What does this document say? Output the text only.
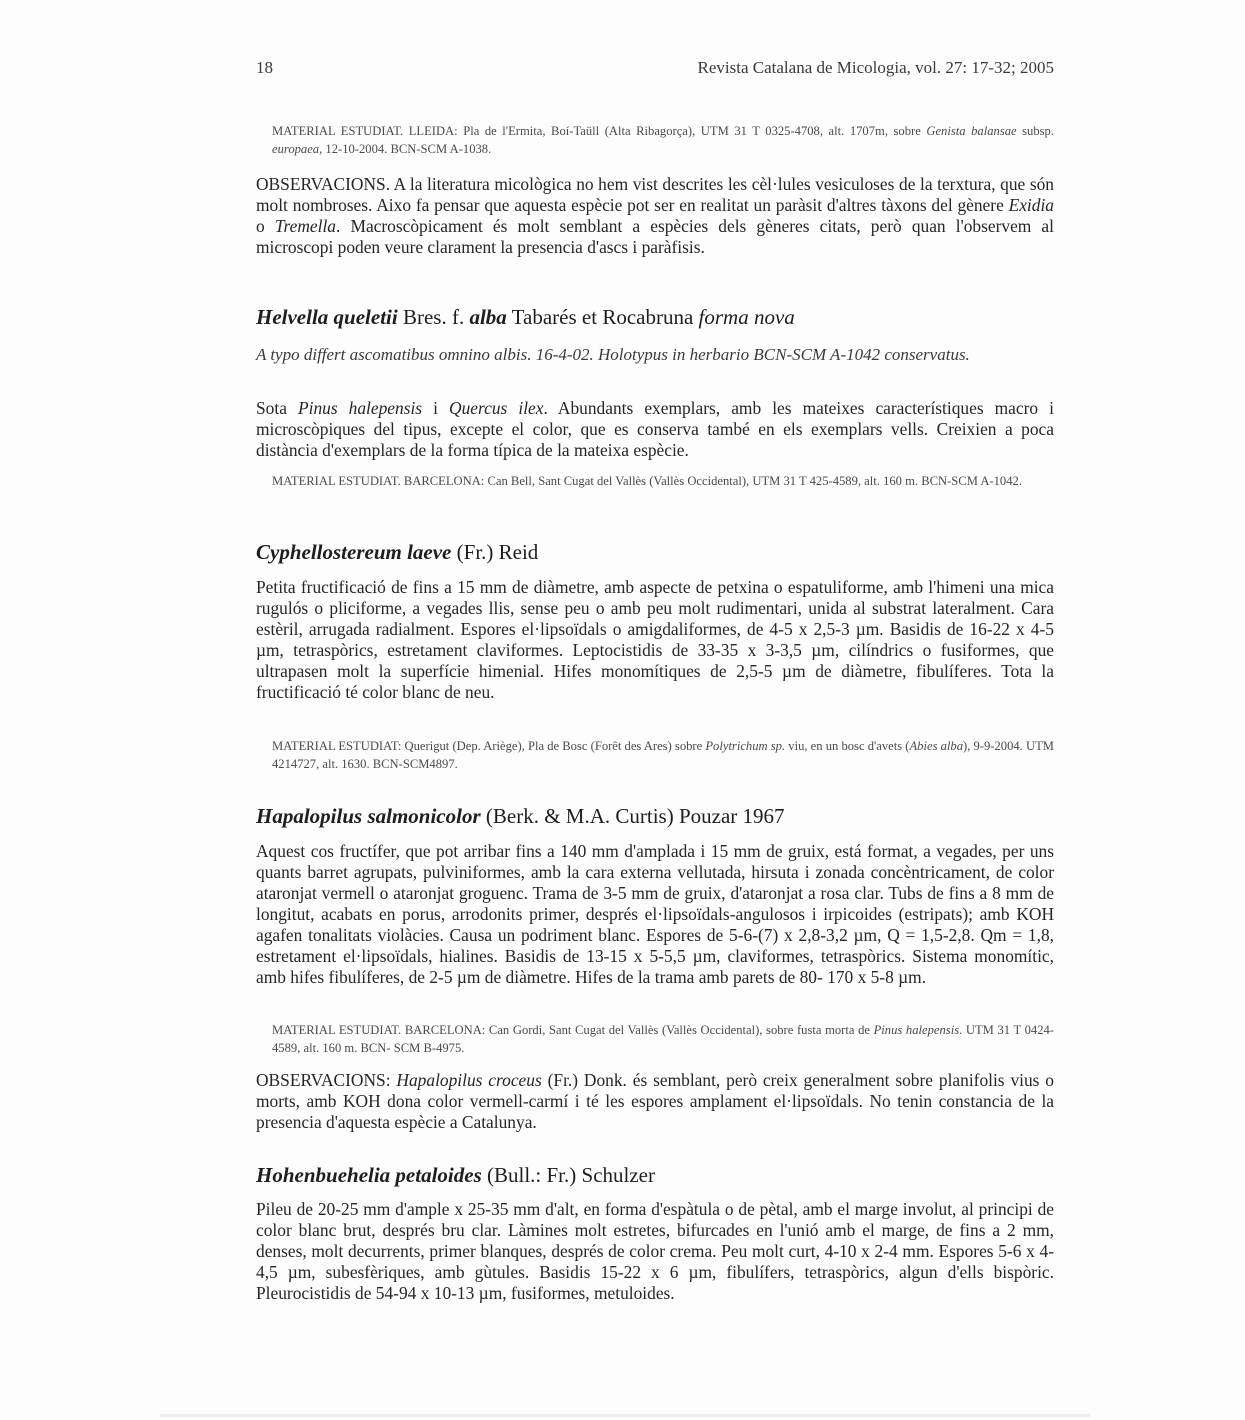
18	Revista Catalana de Micologia, vol. 27: 17-32; 2005
MATERIAL ESTUDIAT. LLEIDA: Pla de l'Ermita, Boí-Taüll (Alta Ribagorça), UTM 31 T 0325-4708, alt. 1707m, sobre Genista balansae subsp. europaea, 12-10-2004. BCN-SCM A-1038.
OBSERVACIONS. A la literatura micològica no hem vist descrites les cèl·lules vesiculoses de la terxtura, que són molt nombroses. Aixo fa pensar que aquesta espècie pot ser en realitat un paràsit d'altres tàxons del gènere Exidia o Tremella. Macroscòpicament és molt semblant a espècies dels gèneres citats, però quan l'observem al microscopi poden veure clarament la presencia d'ascs i paràfisis.
Helvella queletii Bres. f. alba Tabarés et Rocabruna forma nova
A typo differt ascomatibus omnino albis. 16-4-02. Holotypus in herbario BCN-SCM A-1042 conservatus.
Sota Pinus halepensis i Quercus ilex. Abundants exemplars, amb les mateixes característiques macro i microscòpiques del tipus, excepte el color, que es conserva també en els exemplars vells. Creixien a poca distància d'exemplars de la forma típica de la mateixa espècie.
MATERIAL ESTUDIAT. BARCELONA: Can Bell, Sant Cugat del Vallès (Vallès Occidental), UTM 31 T 425-4589, alt. 160 m. BCN-SCM A-1042.
Cyphellostereum laeve (Fr.) Reid
Petita fructificació de fins a 15 mm de diàmetre, amb aspecte de petxina o espatuliforme, amb l'himeni una mica rugulós o pliciforme, a vegades llis, sense peu o amb peu molt rudimentari, unida al substrat lateralment. Cara estèril, arrugada radialment. Espores el·lipsoïdals o amigdaliformes, de 4-5 x 2,5-3 µm. Basidis de 16-22 x 4-5 µm, tetraspòrics, estretament claviformes. Leptocistidis de 33-35 x 3-3,5 µm, cilíndrics o fusiformes, que ultrapasen molt la superfície himenial. Hifes monomítiques de 2,5-5 µm de diàmetre, fibulíferes. Tota la fructificació té color blanc de neu.
MATERIAL ESTUDIAT: Querigut (Dep. Ariège), Pla de Bosc (Forêt des Ares) sobre Polytrichum sp. viu, en un bosc d'avets (Abies alba), 9-9-2004. UTM 4214727, alt. 1630. BCN-SCM4897.
Hapalopilus salmonicolor (Berk. & M.A. Curtis) Pouzar 1967
Aquest cos fructífer, que pot arribar fins a 140 mm d'amplada i 15 mm de gruix, está format, a vegades, per uns quants barret agrupats, pulviniformes, amb la cara externa vellutada, hirsuta i zonada concèntricament, de color ataronjat vermell o ataronjat groguenc. Trama de 3-5 mm de gruix, d'ataronjat a rosa clar. Tubs de fins a 8 mm de longitut, acabats en porus, arrodonits primer, després el·lipsoïdals-angulosos i irpicoides (estripats); amb KOH agafen tonalitats violàcies. Causa un podriment blanc. Espores de 5-6-(7) x 2,8-3,2 µm, Q = 1,5-2,8. Qm = 1,8, estretament el·lipsoïdals, hialines. Basidis de 13-15 x 5-5,5 µm, claviformes, tetraspòrics. Sistema monomític, amb hifes fibulíferes, de 2-5 µm de diàmetre. Hifes de la trama amb parets de 80- 170 x 5-8 µm.
MATERIAL ESTUDIAT. BARCELONA: Can Gordi, Sant Cugat del Vallès (Vallès Occidental), sobre fusta morta de Pinus halepensis. UTM 31 T 0424-4589, alt. 160 m. BCN- SCM B-4975.
OBSERVACIONS: Hapalopilus croceus (Fr.) Donk. és semblant, però creix generalment sobre planifolis vius o morts, amb KOH dona color vermell-carmí i té les espores amplament el·lipsoïdals. No tenin constancia de la presencia d'aquesta espècie a Catalunya.
Hohenbuehelia petaloides (Bull.: Fr.) Schulzer
Pileu de 20-25 mm d'ample x 25-35 mm d'alt, en forma d'espàtula o de pètal, amb el marge involut, al principi de color blanc brut, després bru clar. Làmines molt estretes, bifurcades en l'unió amb el marge, de fins a 2 mm, denses, molt decurrents, primer blanques, després de color crema. Peu molt curt, 4-10 x 2-4 mm. Espores 5-6 x 4-4,5 µm, subesfèriques, amb gùtules. Basidis 15-22 x 6 µm, fibulífers, tetraspòrics, algun d'ells bispòric. Pleurocistidis de 54-94 x 10-13 µm, fusiformes, metuloides.
